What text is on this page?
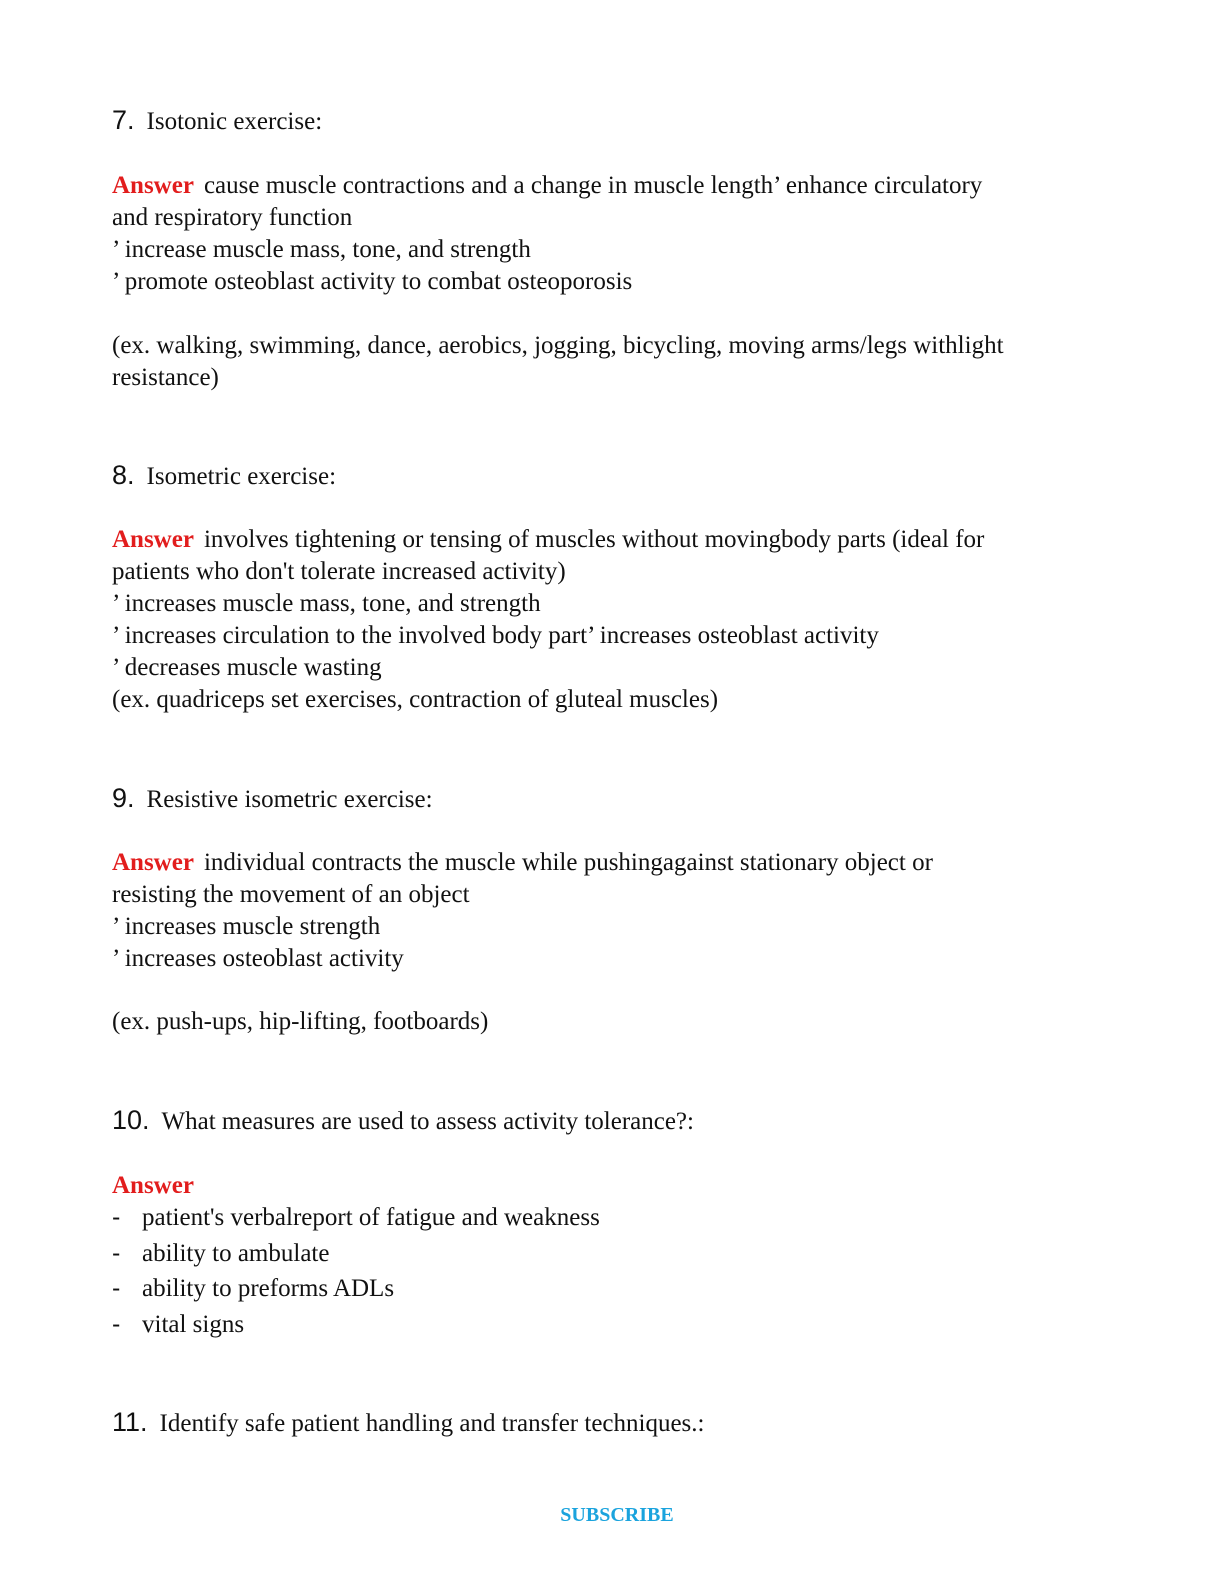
7. Isotonic exercise:
Answer cause muscle contractions and a change in muscle length’ enhance circulatory
and respiratory function
’ increase muscle mass, tone, and strength
’ promote osteoblast activity to combat osteoporosis
(ex. walking, swimming, dance, aerobics, jogging, bicycling, moving arms/legs withlight
resistance)
8. Isometric exercise:
Answer involves tightening or tensing of muscles without movingbody parts (ideal for
patients who don't tolerate increased activity)
’ increases muscle mass, tone, and strength
’ increases circulation to the involved body part’ increases osteoblast activity
’ decreases muscle wasting
(ex. quadriceps set exercises, contraction of gluteal muscles)
9. Resistive isometric exercise:
Answer individual contracts the muscle while pushingagainst stationary object or
resisting the movement of an object
’ increases muscle strength
’ increases osteoblast activity
(ex. push-ups, hip-lifting, footboards)
10. What measures are used to assess activity tolerance?:
Answer
- patient's verbalreport of fatigue and weakness
- ability to ambulate
- ability to preforms ADLs
- vital signs
11. Identify safe patient handling and transfer techniques.:
SUBSCRIBE
